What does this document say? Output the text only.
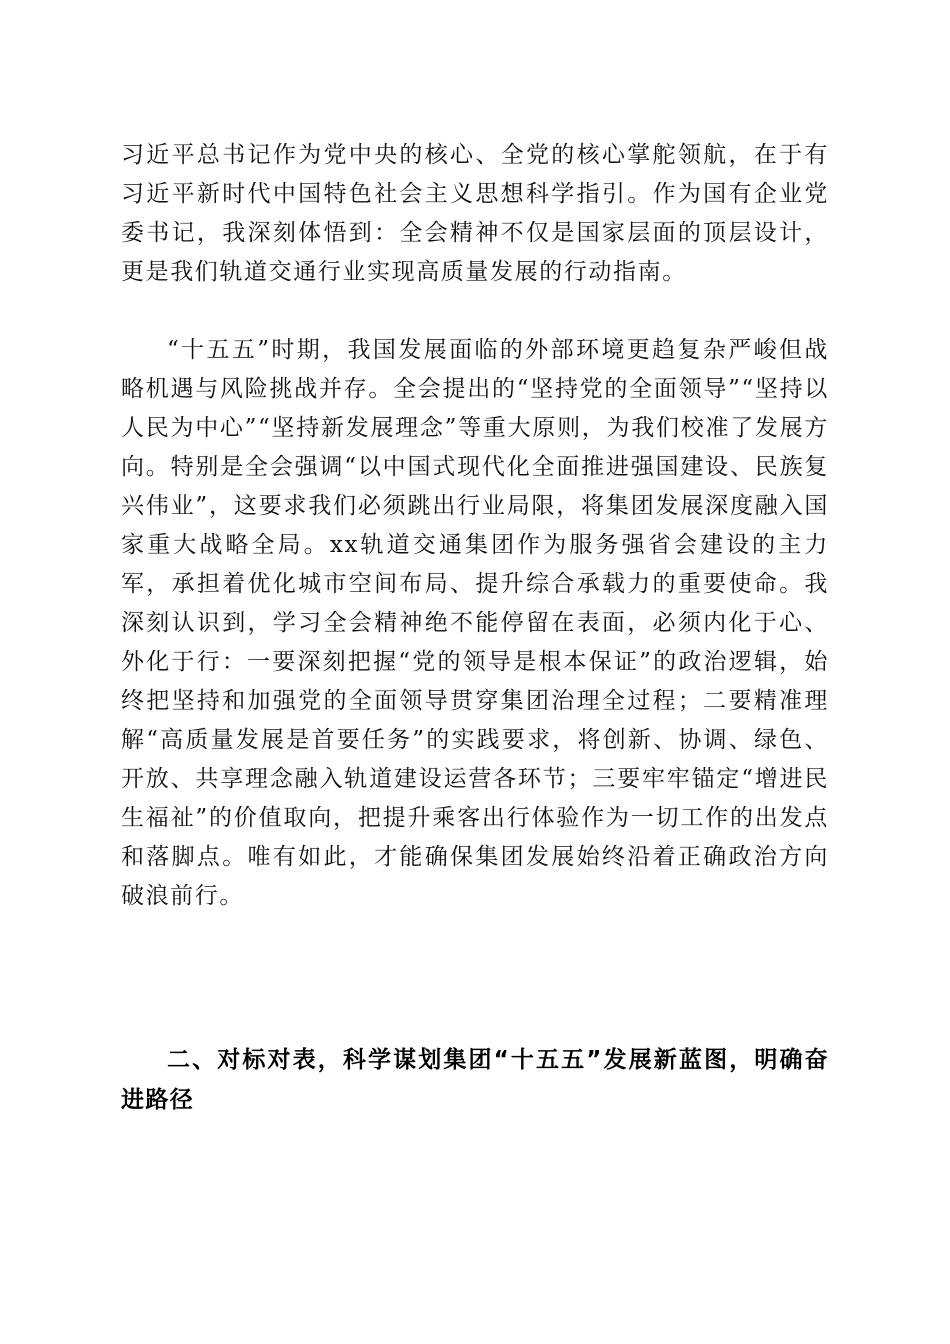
习近平总书记作为党中央的核心、全党的核心掌舵领航，在于有习近平新时代中国特色社会主义思想科学指引。作为国有企业党委书记，我深刻体悟到：全会精神不仅是国家层面的顶层设计，更是我们轨道交通行业实现高质量发展的行动指南。

“十五五”时期，我国发展面临的外部环境更趋复杂严峻但战略机遇与风险挑战并存。全会提出的“坚持党的全面领导”“坚持以人民为中心”“坚持新发展理念”等重大原则，为我们校准了发展方向。特别是全会强调“以中国式现代化全面推进强国建设、民族复兴伟业”，这要求我们必须跳出行业局限，将集团发展深度融入国家重大战略全局。xx轨道交通集团作为服务强省会建设的主力军，承担着优化城市空间布局、提升综合承载力的重要使命。我深刻认识到，学习全会精神绝不能停留在表面，必须内化于心、外化于行：一要深刻把握“党的领导是根本保证”的政治逻辑，始终把坚持和加强党的全面领导贯穿集团治理全过程；二要精准理解“高质量发展是首要任务”的实践要求，将创新、协调、绿色、开放、共享理念融入轨道建设运营各环节；三要牢牢锚定“增进民生福祉”的价值取向，把提升乘客出行体验作为一切工作的出发点和落脚点。唯有如此，才能确保集团发展始终沿着正确政治方向破浪前行。

二、对标对表，科学谋划集团“十五五”发展新蓝图，明确奋进路径
